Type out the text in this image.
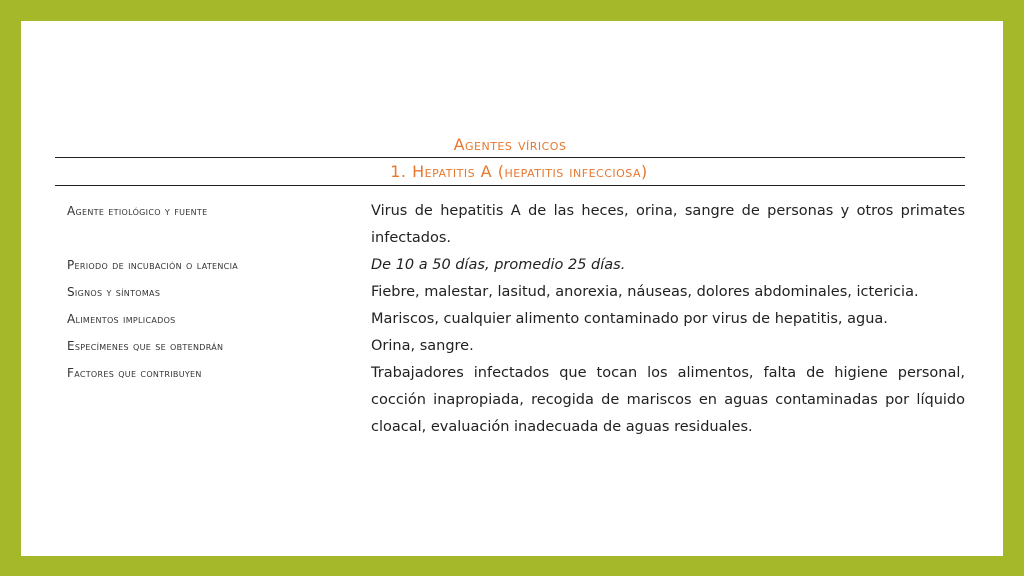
Agentes víricos
1. Hepatitis A (hepatitis infecciosa)
Agente etiológico y fuente	Virus de hepatitis A de las heces, orina, sangre de personas y otros primates infectados.
Periodo de incubación o latencia	De 10 a 50 días, promedio 25 días.
Signos y síntomas	Fiebre, malestar, lasitud, anorexia, náuseas, dolores abdominales, ictericia.
Alimentos implicados	Mariscos, cualquier alimento contaminado por virus de hepatitis, agua.
Especímenes que se obtendrán	Orina, sangre.
Factores que contribuyen	Trabajadores infectados que tocan los alimentos, falta de higiene personal, cocción inapropiada, recogida de mariscos en aguas contaminadas por líquido cloacal, evaluación inadecuada de aguas residuales.
